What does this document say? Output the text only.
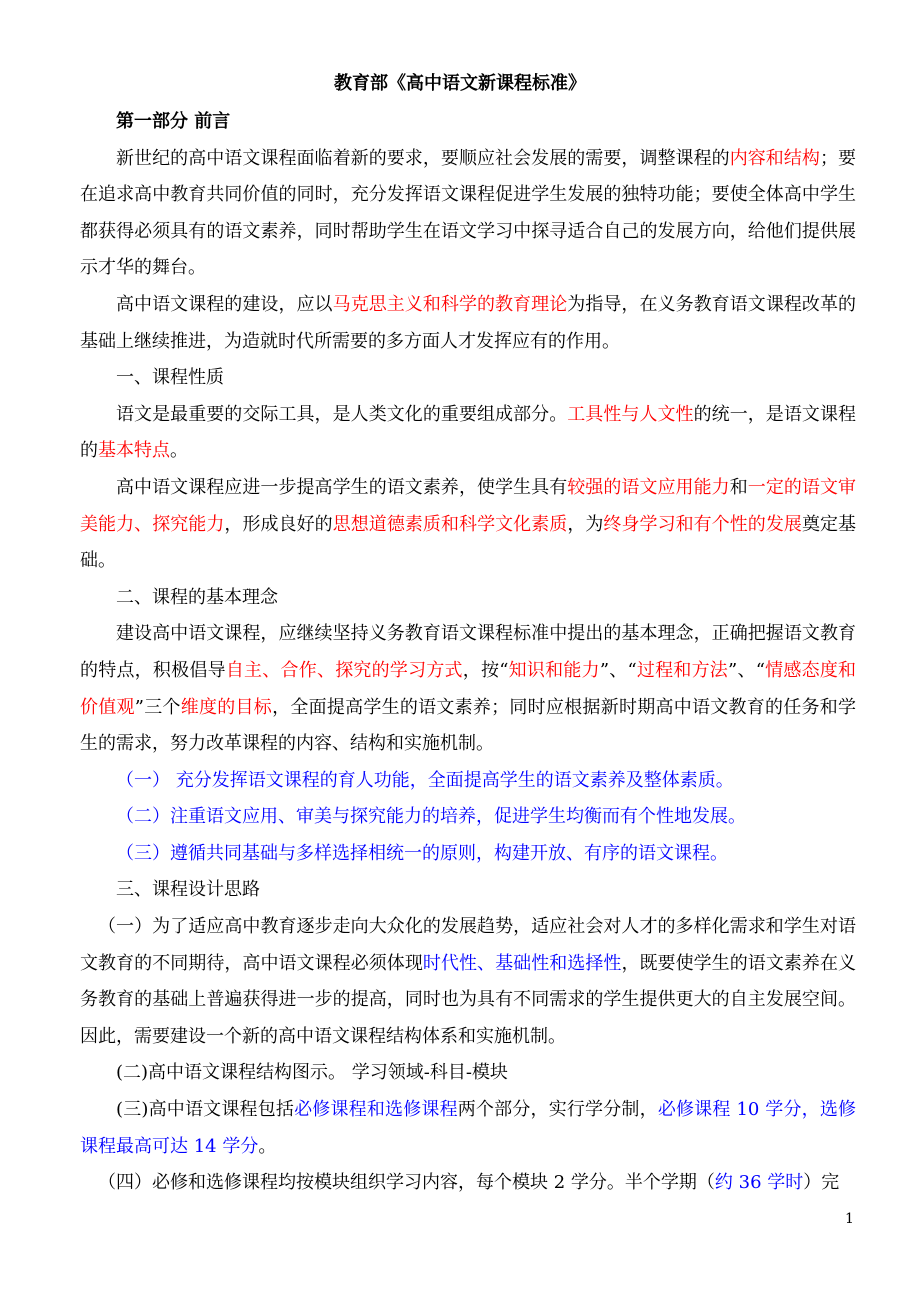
教育部《高中语文新课程标准》

第一部分 前言

新世纪的高中语文课程面临着新的要求，要顺应社会发展的需要，调整课程的内容和结构；要在追求高中教育共同价值的同时，充分发挥语文课程促进学生发展的独特功能；要使全体高中学生都获得必须具有的语文素养，同时帮助学生在语文学习中探寻适合自己的发展方向，给他们提供展示才华的舞台。

高中语文课程的建设，应以马克思主义和科学的教育理论为指导，在义务教育语文课程改革的基础上继续推进，为造就时代所需要的多方面人才发挥应有的作用。

一、课程性质

语文是最重要的交际工具，是人类文化的重要组成部分。工具性与人文性的统一，是语文课程的基本特点。

高中语文课程应进一步提高学生的语文素养，使学生具有较强的语文应用能力和一定的语文审美能力、探究能力，形成良好的思想道德素质和科学文化素质，为终身学习和有个性的发展奠定基础。

二、课程的基本理念

建设高中语文课程，应继续坚持义务教育语文课程标准中提出的基本理念，正确把握语文教育的特点，积极倡导自主、合作、探究的学习方式，按“知识和能力”、“过程和方法”、“情感态度和价值观”三个维度的目标，全面提高学生的语文素养；同时应根据新时期高中语文教育的任务和学生的需求，努力改革课程的内容、结构和实施机制。

（一） 充分发挥语文课程的育人功能，全面提高学生的语文素养及整体素质。

（二）注重语文应用、审美与探究能力的培养，促进学生均衡而有个性地发展。

（三）遵循共同基础与多样选择相统一的原则，构建开放、有序的语文课程。

三、课程设计思路

（一）为了适应高中教育逐步走向大众化的发展趋势，适应社会对人才的多样化需求和学生对语文教育的不同期待，高中语文课程必须体现时代性、基础性和选择性，既要使学生的语文素养在义务教育的基础上普遍获得进一步的提高，同时也为具有不同需求的学生提供更大的自主发展空间。因此，需要建设一个新的高中语文课程结构体系和实施机制。

(二)高中语文课程结构图示。 学习领域-科目-模块

(三)高中语文课程包括必修课程和选修课程两个部分，实行学分制，必修课程 10 学分，选修课程最高可达 14 学分。

（四）必修和选修课程均按模块组织学习内容，每个模块 2 学分。半个学期（约 36 学时）完

1
